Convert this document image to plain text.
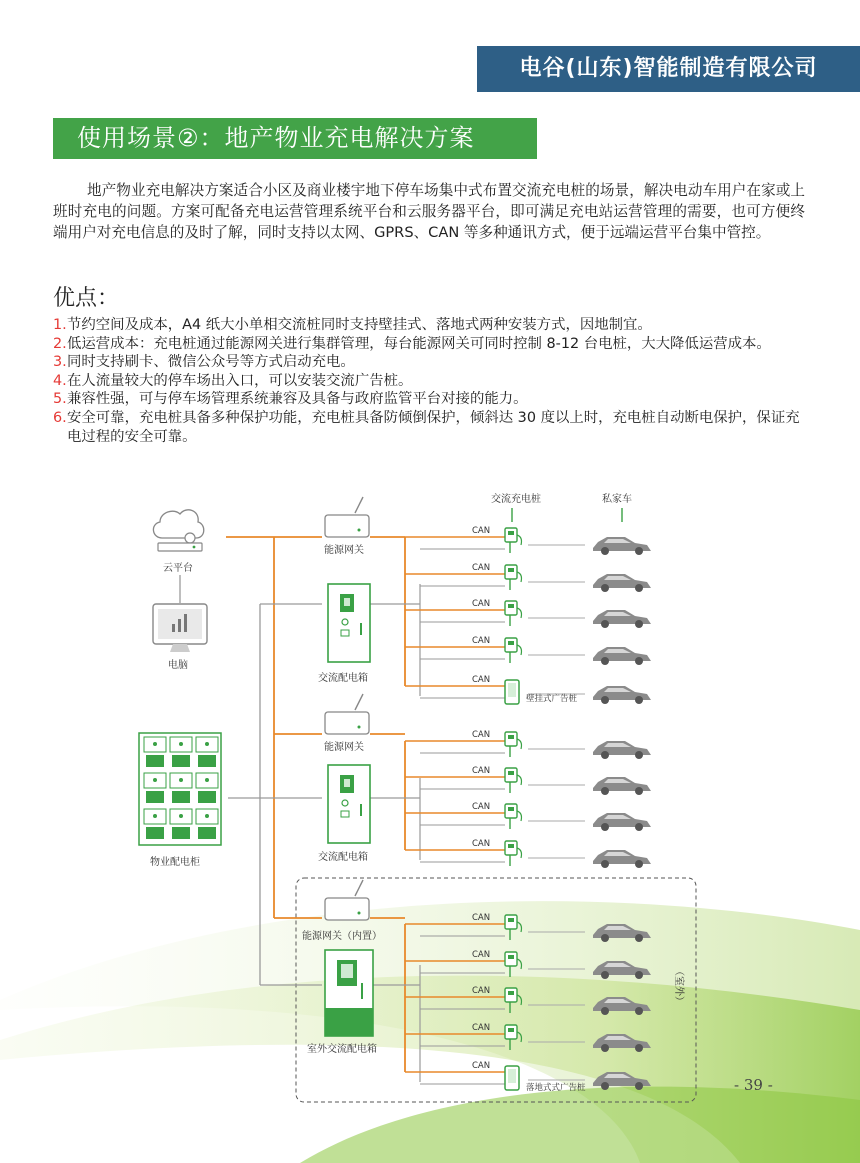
交流充电桩	私家车
云平台
电脑
物业配电柜
能源网关
能源网关
能源网关（内置）
交流配电箱
交流配电箱
室外交流配电箱
壁挂式广告桩
落地式式广告桩
（室外）
CAN
CAN
CAN
CAN
CAN
CAN
CAN
CAN
CAN
CAN
CAN
CAN
CAN
CAN
电谷(山东)智能制造有限公司
使用场景②：地产物业充电解决方案

地产物业充电解决方案适合小区及商业楼宇地下停车场集中式布置交流充电桩的场景，解决电动车用户在家或上班时充电的问题。方案可配备充电运营管理系统平台和云服务器平台，即可满足充电站运营管理的需要，也可方便终端用户对充电信息的及时了解，同时支持以太网、GPRS、CAN 等多种通讯方式，便于远端运营平台集中管控。

优点：
1. 节约空间及成本，A4 纸大小单相交流桩同时支持壁挂式、落地式两种安装方式，因地制宜。
2. 低运营成本：充电桩通过能源网关进行集群管理，每台能源网关可同时控制 8-12 台电桩，大大降低运营成本。
3. 同时支持刷卡、微信公众号等方式启动充电。
4. 在人流量较大的停车场出入口，可以安装交流广告桩。
5. 兼容性强，可与停车场管理系统兼容及具备与政府监管平台对接的能力。
6. 安全可靠，充电桩具备多种保护功能，充电桩具备防倾倒保护，倾斜达 30 度以上时，充电桩自动断电保护，保证充电过程的安全可靠。
- 39 -
